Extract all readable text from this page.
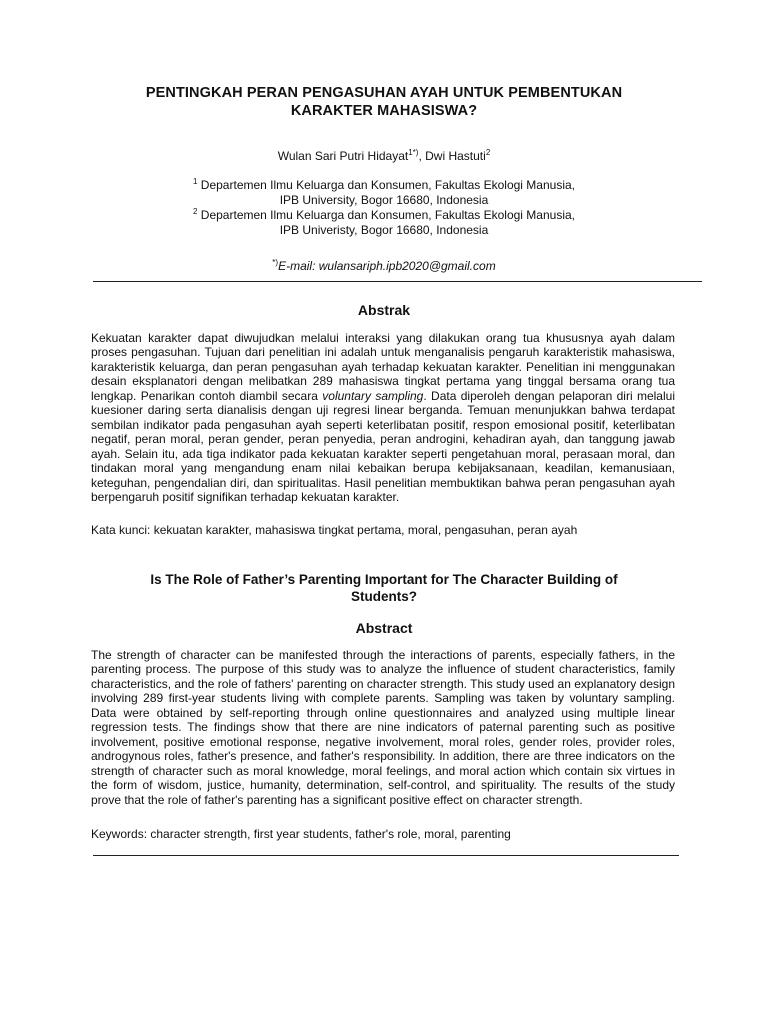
PENTINGKAH PERAN PENGASUHAN AYAH UNTUK PEMBENTUKAN
KARAKTER MAHASISWA?
Wulan Sari Putri Hidayat$^{1*)}$, Dwi Hastuti$^2$
$^1$ Departemen Ilmu Keluarga dan Konsumen, Fakultas Ekologi Manusia,
IPB University, Bogor 16680, Indonesia
$^2$ Departemen Ilmu Keluarga dan Konsumen, Fakultas Ekologi Manusia,
IPB Univeristy, Bogor 16680, Indonesia
*)E-mail: wulansariph.ipb2020@gmail.com
Abstrak
Kekuatan karakter dapat diwujudkan melalui interaksi yang dilakukan orang tua khususnya ayah dalam proses pengasuhan. Tujuan dari penelitian ini adalah untuk menganalisis pengaruh karakteristik mahasiswa, karakteristik keluarga, dan peran pengasuhan ayah terhadap kekuatan karakter. Penelitian ini menggunakan desain eksplanatori dengan melibatkan 289 mahasiswa tingkat pertama yang tinggal bersama orang tua lengkap. Penarikan contoh diambil secara voluntary sampling. Data diperoleh dengan pelaporan diri melalui kuesioner daring serta dianalisis dengan uji regresi linear berganda. Temuan menunjukkan bahwa terdapat sembilan indikator pada pengasuhan ayah seperti keterlibatan positif, respon emosional positif, keterlibatan negatif, peran moral, peran gender, peran penyedia, peran androgini, kehadiran ayah, dan tanggung jawab ayah. Selain itu, ada tiga indikator pada kekuatan karakter seperti pengetahuan moral, perasaan moral, dan tindakan moral yang mengandung enam nilai kebaikan berupa kebijaksanaan, keadilan, kemanusiaan, keteguhan, pengendalian diri, dan spiritualitas. Hasil penelitian membuktikan bahwa peran pengasuhan ayah berpengaruh positif signifikan terhadap kekuatan karakter.
Kata kunci: kekuatan karakter, mahasiswa tingkat pertama, moral, pengasuhan, peran ayah
Is The Role of Father’s Parenting Important for The Character Building of
Students?
Abstract
The strength of character can be manifested through the interactions of parents, especially fathers, in the parenting process. The purpose of this study was to analyze the influence of student characteristics, family characteristics, and the role of fathers' parenting on character strength. This study used an explanatory design involving 289 first-year students living with complete parents. Sampling was taken by voluntary sampling. Data were obtained by self-reporting through online questionnaires and analyzed using multiple linear regression tests. The findings show that there are nine indicators of paternal parenting such as positive involvement, positive emotional response, negative involvement, moral roles, gender roles, provider roles, androgynous roles, father's presence, and father's responsibility. In addition, there are three indicators on the strength of character such as moral knowledge, moral feelings, and moral action which contain six virtues in the form of wisdom, justice, humanity, determination, self-control, and spirituality. The results of the study prove that the role of father's parenting has a significant positive effect on character strength.
Keywords: character strength, first year students, father's role, moral, parenting
